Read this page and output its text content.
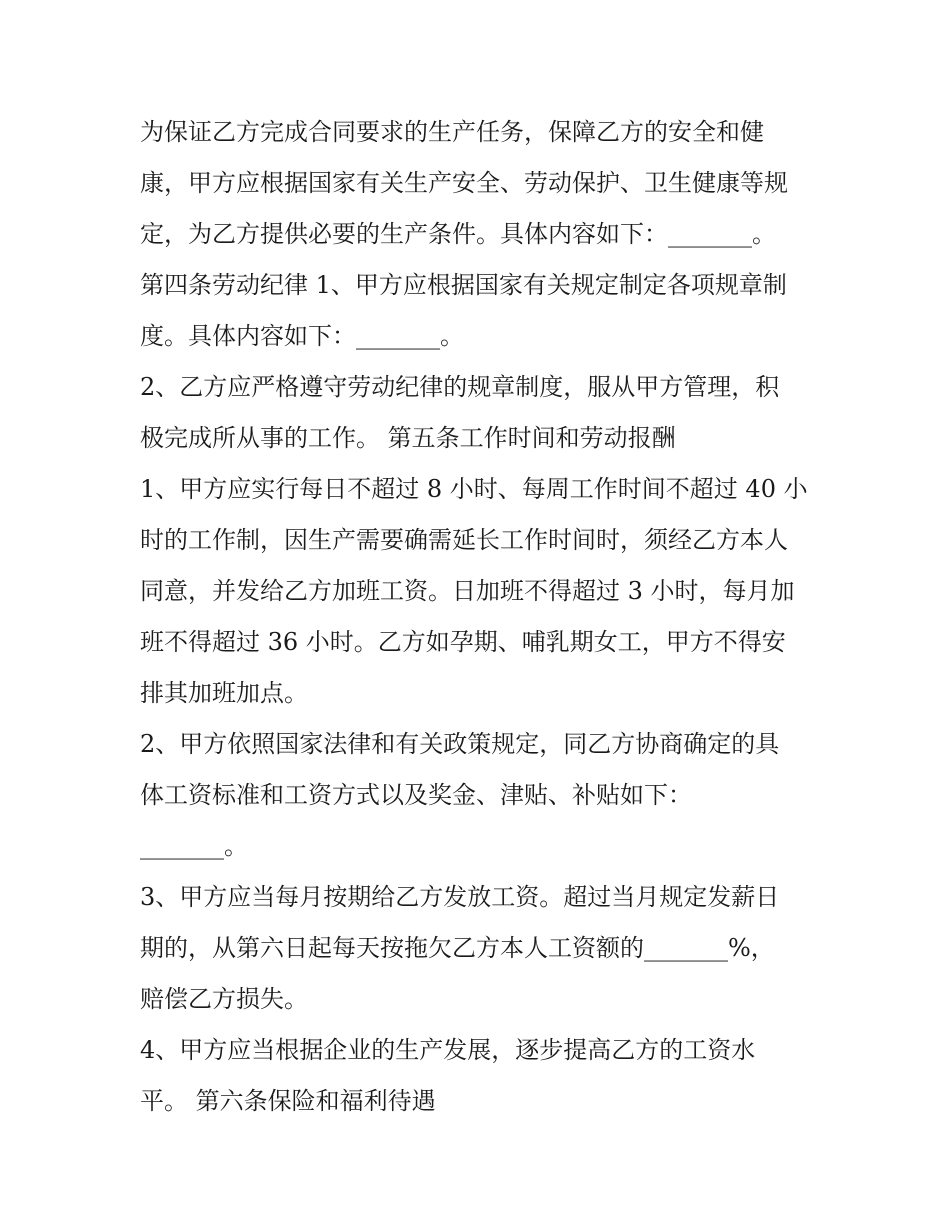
为保证乙方完成合同要求的生产任务，保障乙方的安全和健
康，甲方应根据国家有关生产安全、劳动保护、卫生健康等规
定，为乙方提供必要的生产条件。具体内容如下：_______。
第四条劳动纪律 1、甲方应根据国家有关规定制定各项规章制
度。具体内容如下：_______。
2、乙方应严格遵守劳动纪律的规章制度，服从甲方管理，积
极完成所从事的工作。 第五条工作时间和劳动报酬
1、甲方应实行每日不超过 8 小时、每周工作时间不超过 40 小
时的工作制，因生产需要确需延长工作时间时，须经乙方本人
同意，并发给乙方加班工资。日加班不得超过 3 小时，每月加
班不得超过 36 小时。乙方如孕期、哺乳期女工，甲方不得安
排其加班加点。
2、甲方依照国家法律和有关政策规定，同乙方协商确定的具
体工资标准和工资方式以及奖金、津贴、补贴如下：
_______。
3、甲方应当每月按期给乙方发放工资。超过当月规定发薪日
期的，从第六日起每天按拖欠乙方本人工资额的_______%，
赔偿乙方损失。
4、甲方应当根据企业的生产发展，逐步提高乙方的工资水
平。 第六条保险和福利待遇
